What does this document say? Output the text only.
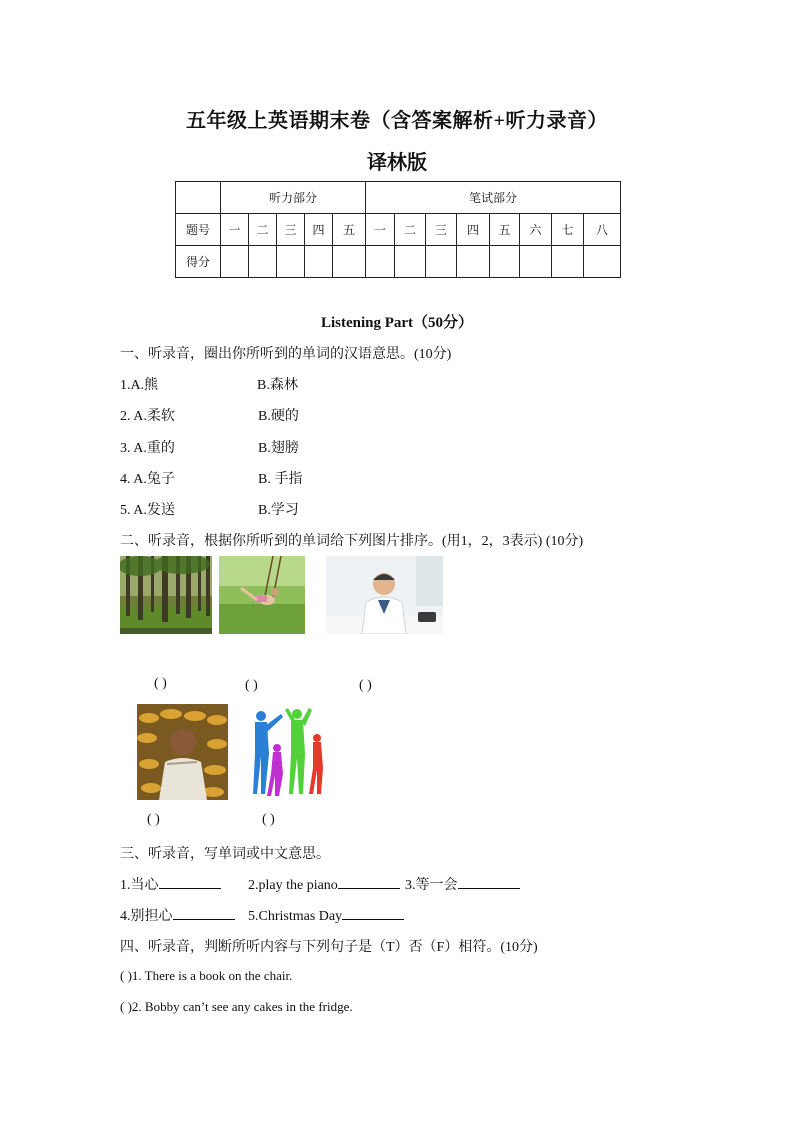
五年级上英语期末卷（含答案解析+听力录音）
译林版
	听力部分					笔试部分							
题号	一	二	三	四	五	一	二	三	四	五	六	七	八
得分													
Listening Part（50分）
一、听录音，圈出你所听到的单词的汉语意思。(10分)
1.A.熊	B.森林
2. A.柔软	B.硬的
3. A.重的	B.翅膀
4. A.兔子	B. 手指
5. A.发送	B.学习
二、听录音，根据你所听到的单词给下列图片排序。(用1，2，3表示) (10分)
( )	( )	( )
( )	( )
三、听录音，写单词或中文意思。
1.当心	2.play the piano	3.等一会
4.别担心	5.Christmas Day
四、听录音，判断所听内容与下列句子是（T）否（F）相符。(10分)
( )1. There is a book on the chair.
( )2. Bobby can’t see any cakes in the fridge.
